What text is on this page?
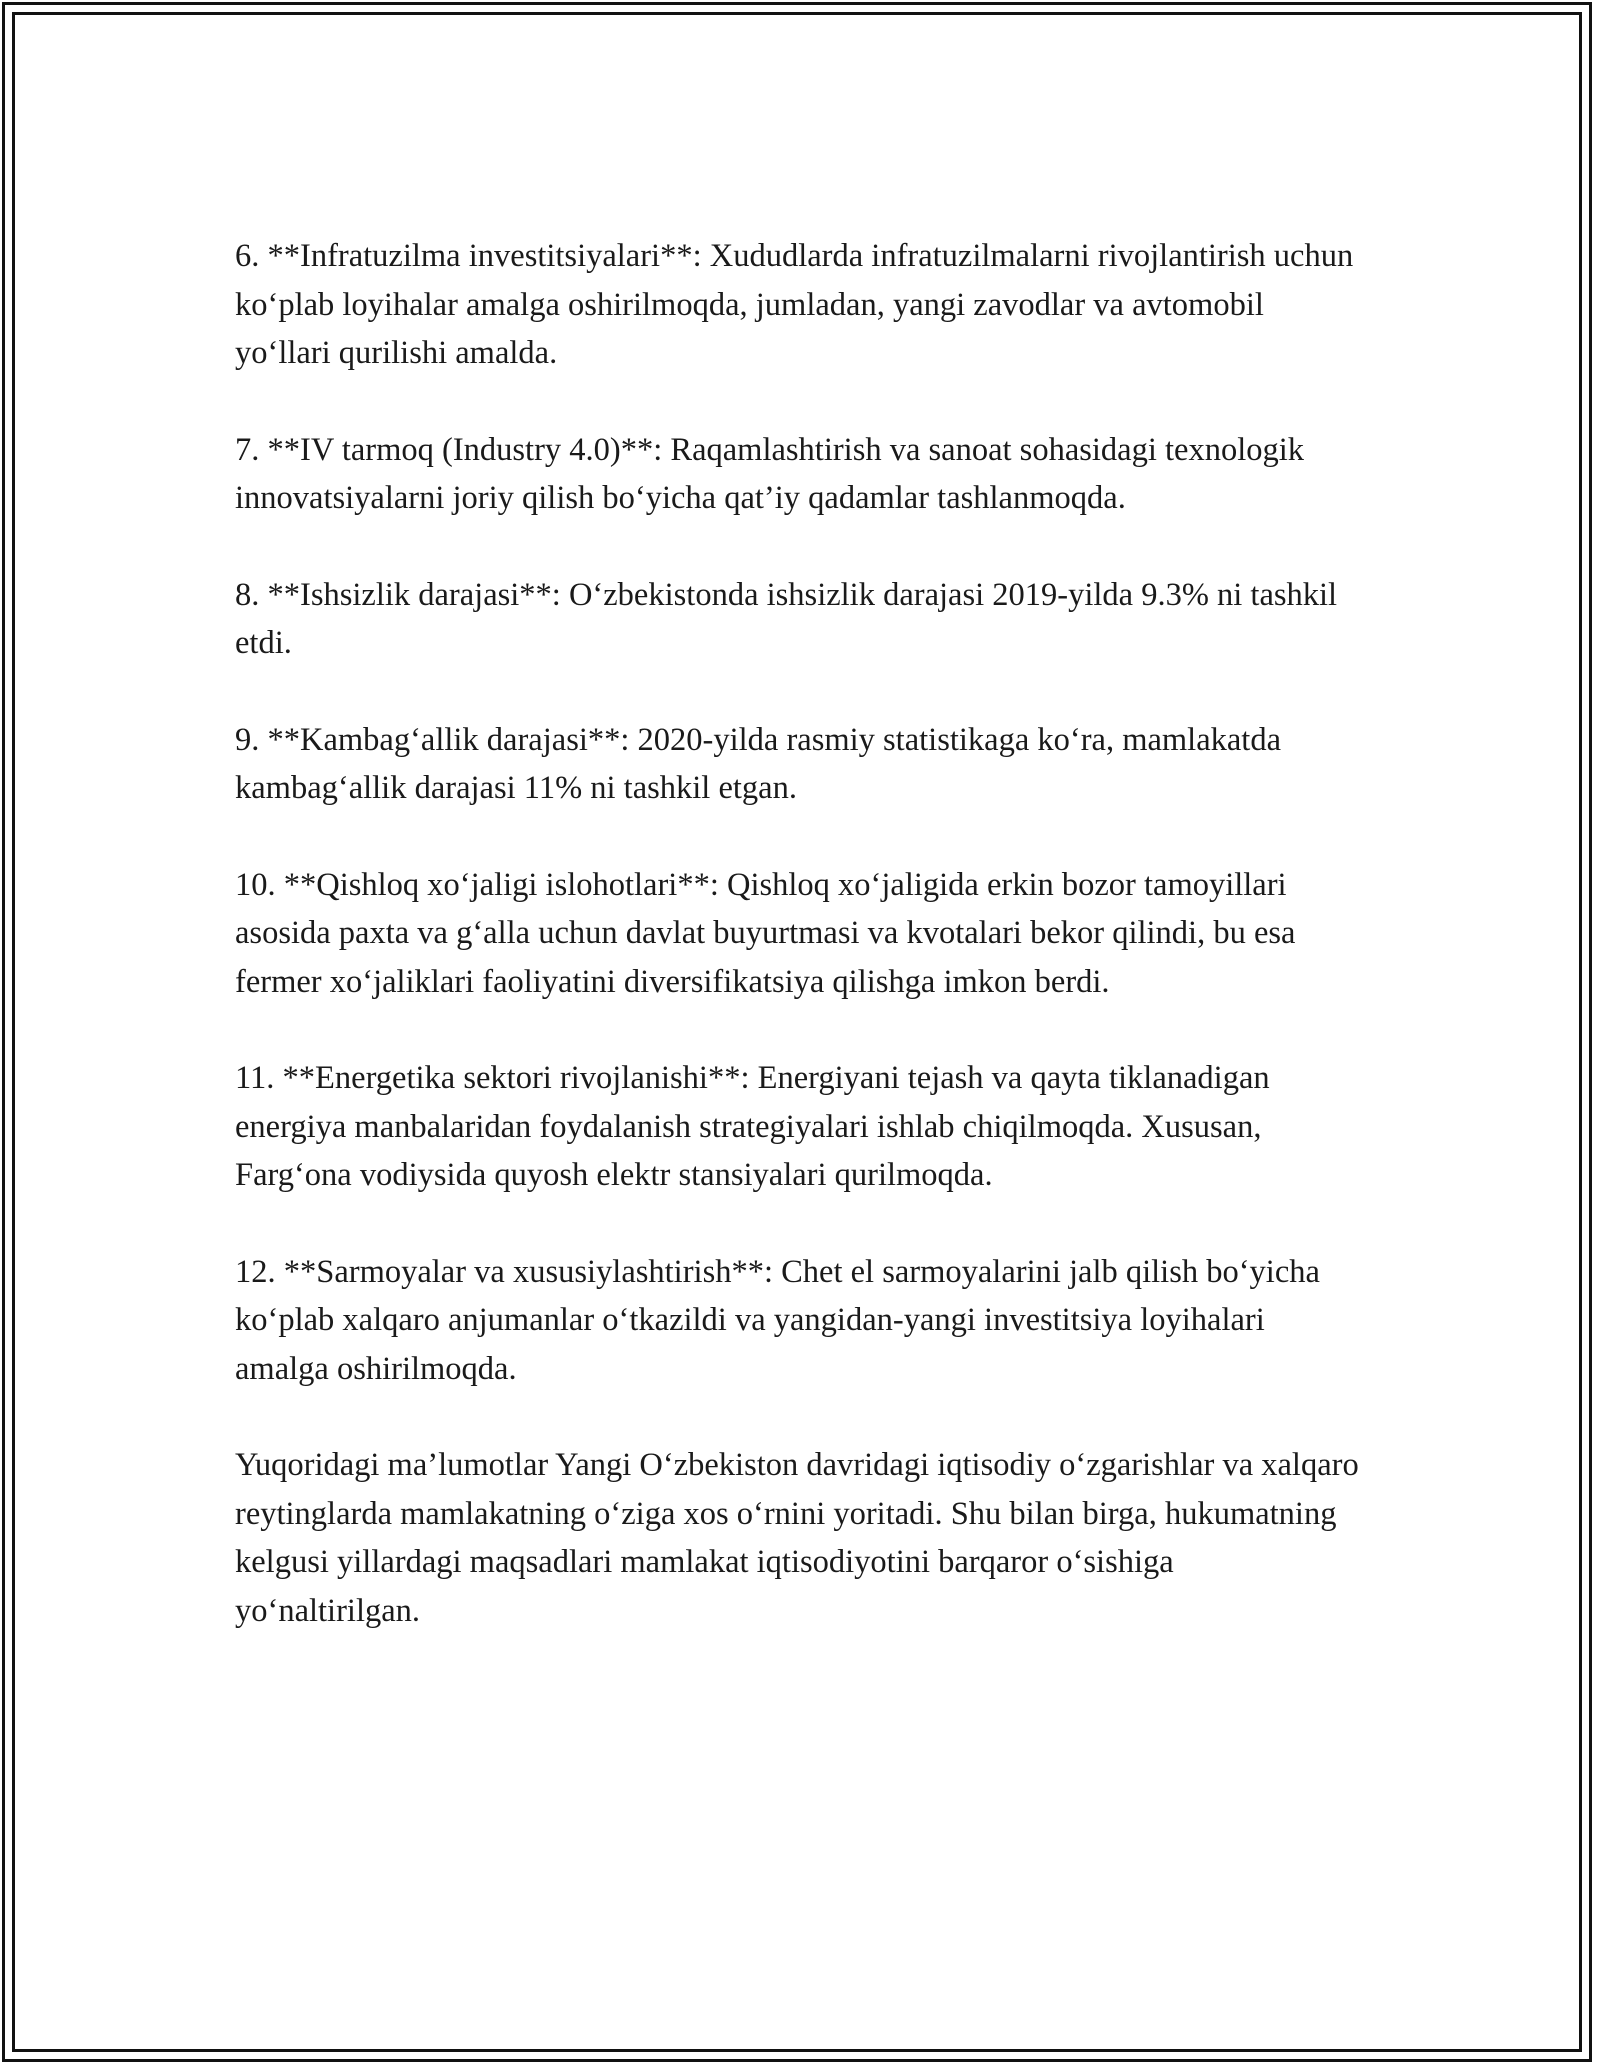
6. **Infratuzilma investitsiyalari**: Xududlarda infratuzilmalarni rivojlantirish uchun ko‘plab loyihalar amalga oshirilmoqda, jumladan, yangi zavodlar va avtomobil yo‘llari qurilishi amalda.

7. **IV tarmoq (Industry 4.0)**: Raqamlashtirish va sanoat sohasidagi texnologik innovatsiyalarni joriy qilish bo‘yicha qat’iy qadamlar tashlanmoqda.

8. **Ishsizlik darajasi**: O‘zbekistonda ishsizlik darajasi 2019-yilda 9.3% ni tashkil etdi.

9. **Kambag‘allik darajasi**: 2020-yilda rasmiy statistikaga ko‘ra, mamlakatda kambag‘allik darajasi 11% ni tashkil etgan.

10. **Qishloq xo‘jaligi islohotlari**: Qishloq xo‘jaligida erkin bozor tamoyillari asosida paxta va g‘alla uchun davlat buyurtmasi va kvotalari bekor qilindi, bu esa fermer xo‘jaliklari faoliyatini diversifikatsiya qilishga imkon berdi.

11. **Energetika sektori rivojlanishi**: Energiyani tejash va qayta tiklanadigan energiya manbalaridan foydalanish strategiyalari ishlab chiqilmoqda. Xususan, Farg‘ona vodiysida quyosh elektr stansiyalari qurilmoqda.

12. **Sarmoyalar va xususiylashtirish**: Chet el sarmoyalarini jalb qilish bo‘yicha ko‘plab xalqaro anjumanlar o‘tkazildi va yangidan-yangi investitsiya loyihalari amalga oshirilmoqda.

Yuqoridagi ma’lumotlar Yangi O‘zbekiston davridagi iqtisodiy o‘zgarishlar va xalqaro reytinglarda mamlakatning o‘ziga xos o‘rnini yoritadi. Shu bilan birga, hukumatning kelgusi yillardagi maqsadlari mamlakat iqtisodiyotini barqaror o‘sishiga yo‘naltirilgan.
